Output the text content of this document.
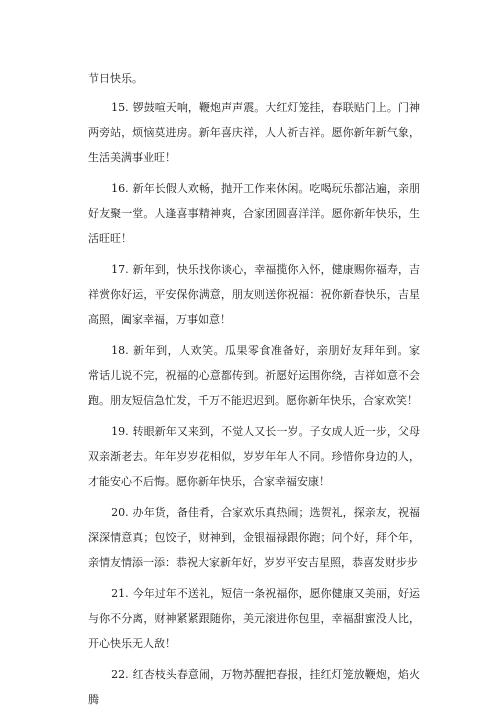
节日快乐。

15. 锣鼓喧天响，鞭炮声声震。大红灯笼挂，春联贴门上。门神 两旁站，烦恼莫进房。新年喜庆祥，人人祈吉祥。愿你新年新气象， 生活美满事业旺！

16. 新年长假人欢畅，抛开工作来休闲。吃喝玩乐都沾遍，亲朋 好友聚一堂。人逢喜事精神爽，合家团圆喜洋洋。愿你新年快乐，生 活旺旺！

17. 新年到，快乐找你谈心，幸福揽你入怀，健康赐你福寿，吉 祥赏你好运，平安保你满意，朋友则送你祝福：祝你新春快乐，吉星 高照，阖家幸福，万事如意！

18. 新年到，人欢笑。瓜果零食准备好，亲朋好友拜年到。家 常话儿说不完，祝福的心意都传到。祈愿好运围你绕，吉祥如意不会 跑。朋友短信急忙发，千万不能迟迟到。愿你新年快乐，合家欢笑！

19. 转眼新年又来到，不觉人又长一岁。子女成人近一步，父母 双亲渐老去。年年岁岁花相似，岁岁年年人不同。珍惜你身边的人， 才能安心不后悔。愿你新年快乐，合家幸福安康！

20. 办年货，备佳肴，合家欢乐真热闹；选贺礼，探亲友，祝福 深深情意真；包饺子，财神到，金银福禄跟你跑；问个好，拜个年， 亲情友情添一添：恭祝大家新年好，岁岁平安吉星照，恭喜发财步步

21. 今年过年不送礼，短信一条祝福你，愿你健康又美丽，好运 与你不分离，财神紧紧跟随你，美元滚进你包里，幸福甜蜜没人比， 开心快乐无人敌！

22. 红杏枝头春意闹，万物苏醒把春报，挂红灯笼放鞭炮，焰火 腾
